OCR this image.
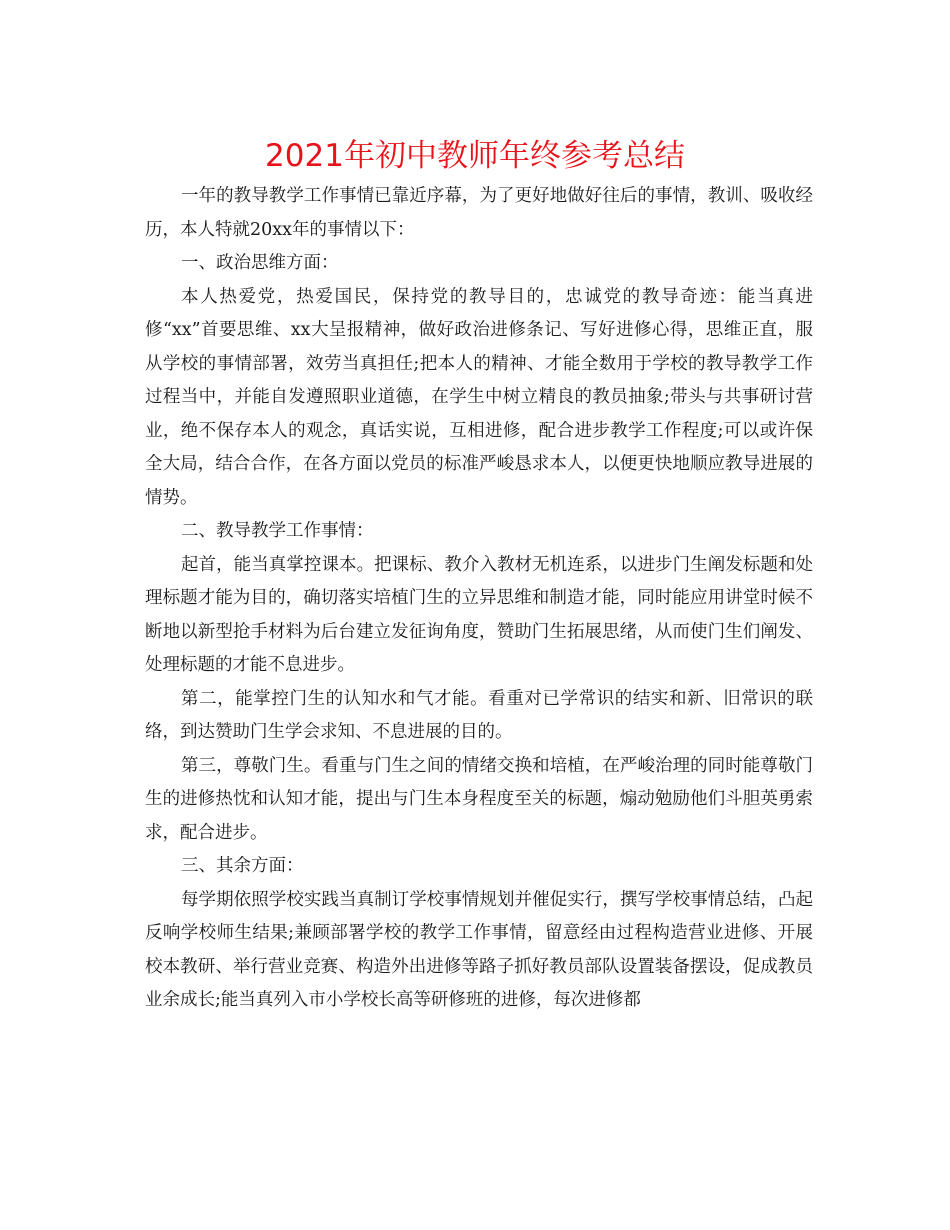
2021年初中教师年终参考总结

一年的教导教学工作事情已靠近序幕，为了更好地做好往后的事情，教训、吸收经历，本人特就20xx年的事情以下：

一、政治思维方面：

本人热爱党，热爱国民，保持党的教导目的，忠诚党的教导奇迹：能当真进修“xx”首要思维、xx大呈报精神，做好政治进修条记、写好进修心得，思维正直，服从学校的事情部署，效劳当真担任;把本人的精神、才能全数用于学校的教导教学工作过程当中，并能自发遵照职业道德，在学生中树立精良的教员抽象;带头与共事研讨营业，绝不保存本人的观念，真话实说，互相进修，配合进步教学工作程度;可以或许保全大局，结合合作，在各方面以党员的标准严峻恳求本人，以便更快地顺应教导进展的情势。

二、教导教学工作事情：

起首，能当真掌控课本。把课标、教介入教材无机连系，以进步门生阐发标题和处理标题才能为目的，确切落实培植门生的立异思维和制造才能，同时能应用讲堂时候不断地以新型抢手材料为后台建立发征询角度，赞助门生拓展思绪，从而使门生们阐发、处理标题的才能不息进步。

第二，能掌控门生的认知水和气才能。看重对已学常识的结实和新、旧常识的联络，到达赞助门生学会求知、不息进展的目的。

第三，尊敬门生。看重与门生之间的情绪交换和培植，在严峻治理的同时能尊敬门生的进修热忱和认知才能，提出与门生本身程度至关的标题，煽动勉励他们斗胆英勇索求，配合进步。

三、其余方面：

每学期依照学校实践当真制订学校事情规划并催促实行，撰写学校事情总结，凸起反响学校师生结果;兼顾部署学校的教学工作事情，留意经由过程构造营业进修、开展校本教研、举行营业竞赛、构造外出进修等路子抓好教员部队设置装备摆设，促成教员业余成长;能当真列入市小学校长高等研修班的进修，每次进修都
